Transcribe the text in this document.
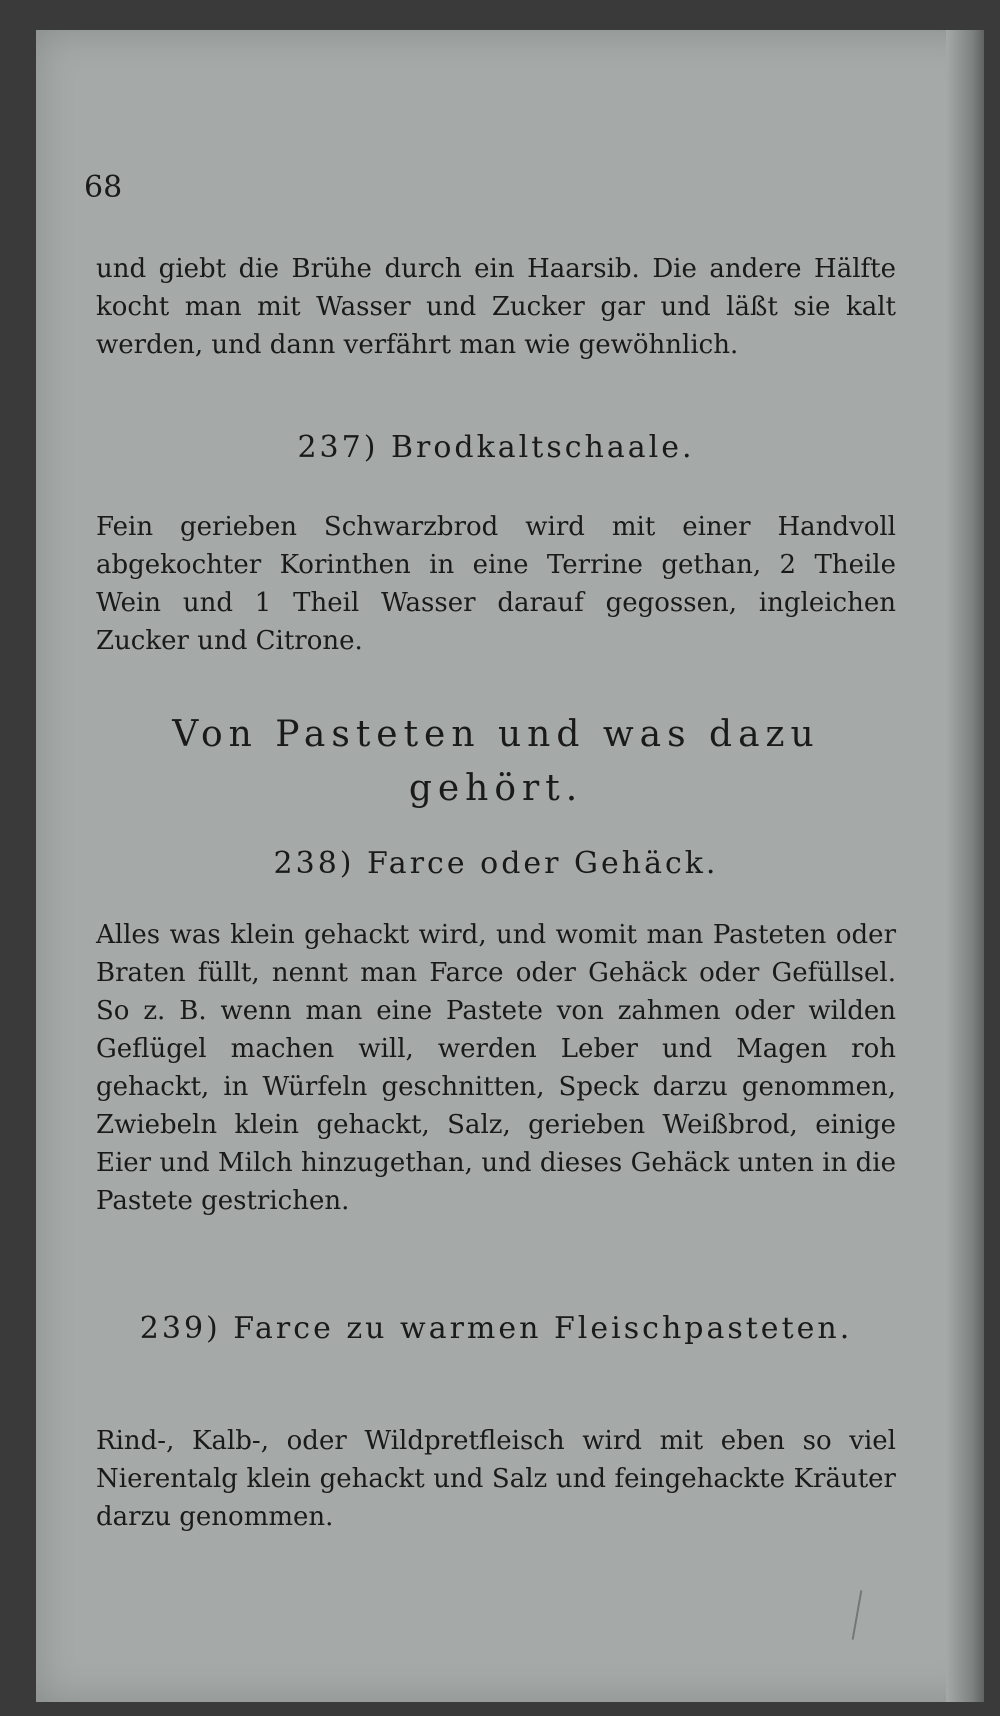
68

und giebt die Brühe durch ein Haarsib. Die andere Hälfte kocht man mit Wasser und Zucker gar und läßt sie kalt werden, und dann verfährt man wie gewöhnlich.

237) Brodkaltschaale.

Fein gerieben Schwarzbrod wird mit einer Handvoll abgekochter Korinthen in eine Terrine gethan, 2 Theile Wein und 1 Theil Wasser darauf gegossen, ingleichen Zucker und Citrone.

Von Pasteten und was dazu gehört.

238) Farce oder Gehäck.

Alles was klein gehackt wird, und womit man Pasteten oder Braten füllt, nennt man Farce oder Gehäck oder Gefüllsel. So z. B. wenn man eine Pastete von zahmen oder wilden Geflügel machen will, werden Leber und Magen roh gehackt, in Würfeln geschnitten, Speck darzu genommen, Zwiebeln klein gehackt, Salz, gerieben Weißbrod, einige Eier und Milch hinzugethan, und dieses Gehäck unten in die Pastete gestrichen.

239) Farce zu warmen Fleischpasteten.

Rind-, Kalb-, oder Wildpretfleisch wird mit eben so viel Nierentalg klein gehackt und Salz und feingehackte Kräuter darzu genommen.
